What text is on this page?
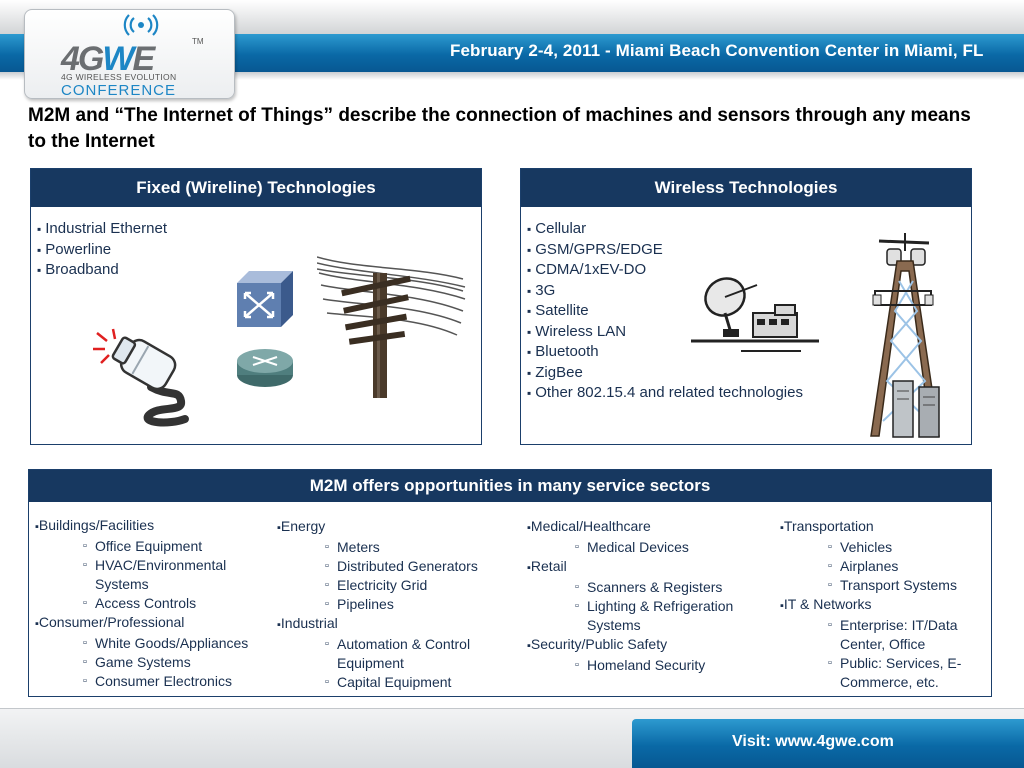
February 2-4, 2011 - Miami Beach Convention Center in Miami, FL
4GWE	TM
4G WIRELESS EVOLUTION
CONFERENCE
M2M and “The Internet of Things” describe the connection of machines and sensors through any means to the Internet
Fixed (Wireline) Technologies
▪ Industrial Ethernet
▪ Powerline
▪ Broadband
Wireless Technologies
▪ Cellular
▪ GSM/GPRS/EDGE
▪ CDMA/1xEV-DO
▪ 3G
▪ Satellite
▪ Wireless LAN
▪ Bluetooth
▪ ZigBee
▪ Other 802.15.4 and related technologies
M2M offers opportunities in many service sectors
▪ Buildings/Facilities
▫ Office Equipment
▫ HVAC/Environmental Systems
▫ Access Controls
▪ Consumer/Professional
▫ White Goods/Appliances
▫ Game Systems
▫ Consumer Electronics
▪ Energy
▫ Meters
▫ Distributed Generators
▫ Electricity Grid
▫ Pipelines
▪ Industrial
▫ Automation & Control Equipment
▫ Capital Equipment
▪ Medical/Healthcare
▫ Medical Devices
▪ Retail
▫ Scanners & Registers
▫ Lighting & Refrigeration Systems
▪ Security/Public Safety
▫ Homeland Security
▪ Transportation
▫ Vehicles
▫ Airplanes
▫ Transport Systems
▪ IT & Networks
▫ Enterprise: IT/Data Center, Office
▫ Public: Services, E-Commerce, etc.
Visit: www.4gwe.com
